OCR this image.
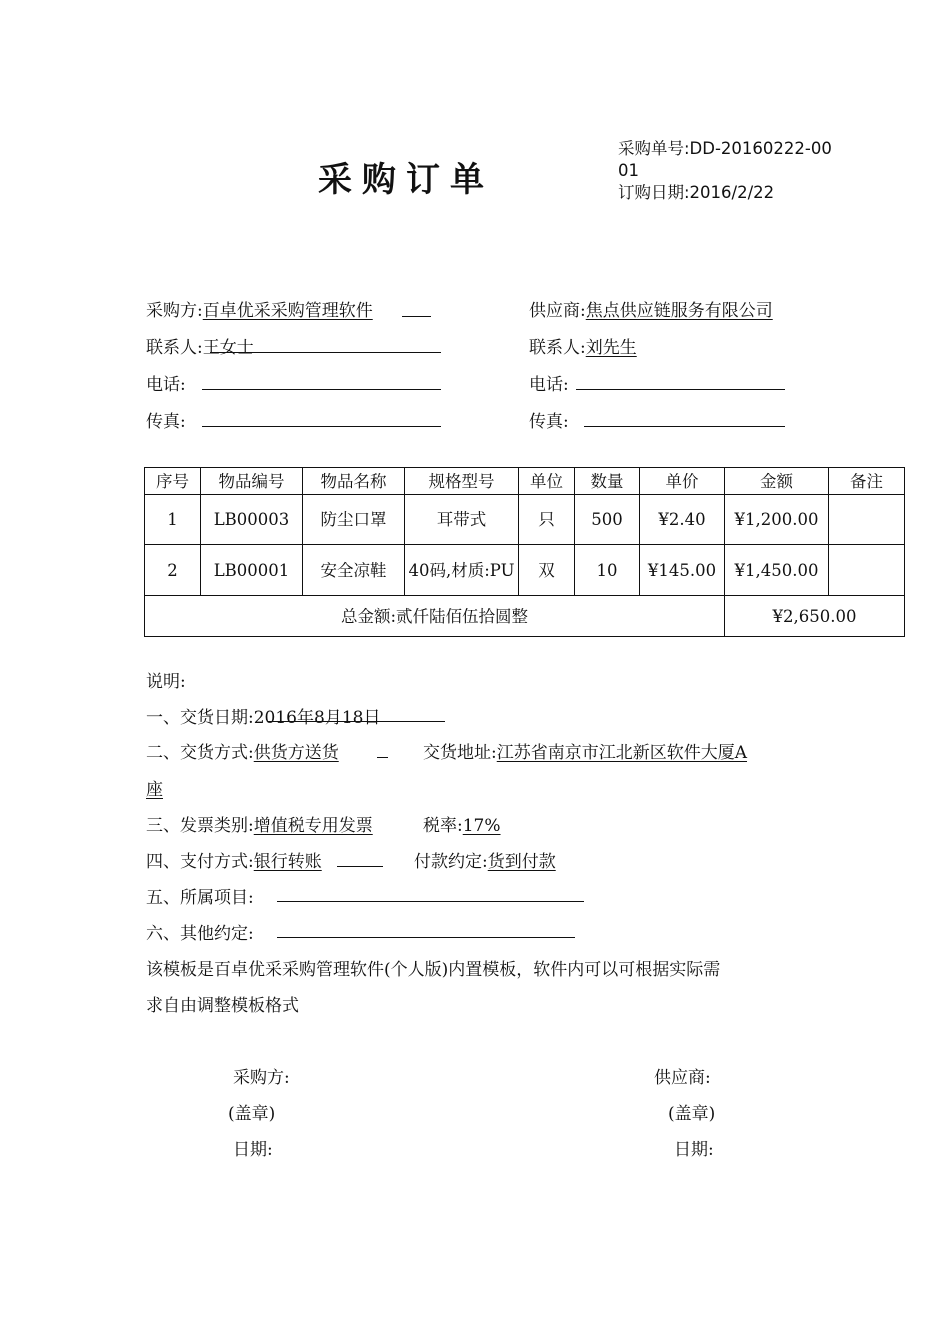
采购订单
采购单号:DD-20160222-0001
订购日期:2016/2/22
采购方:百卓优采采购管理软件
联系人:王女士
电话:
传真:
供应商:焦点供应链服务有限公司
联系人:刘先生
电话:
传真:
序号	物品编号	物品名称	规格型号	单位	数量	单价	金额	备注
1	LB00003	防尘口罩	耳带式	只	500	¥2.40	¥1,200.00	
2	LB00001	安全凉鞋	40码,材质:PU	双	10	¥145.00	¥1,450.00	
总金额:贰仟陆佰伍拾圆整							¥2,650.00	
说明:
一、交货日期:2016年8月18日
二、交货方式:供货方送货	交货地址:江苏省南京市江北新区软件大厦A
座
三、发票类别:增值税专用发票	税率:17%
四、支付方式:银行转账	付款约定:货到付款
五、所属项目:
六、其他约定:
该模板是百卓优采采购管理软件(个人版)内置模板，软件内可以可根据实际需
求自由调整模板格式
采购方:
(盖章)
日期:
供应商:
(盖章)
日期:
